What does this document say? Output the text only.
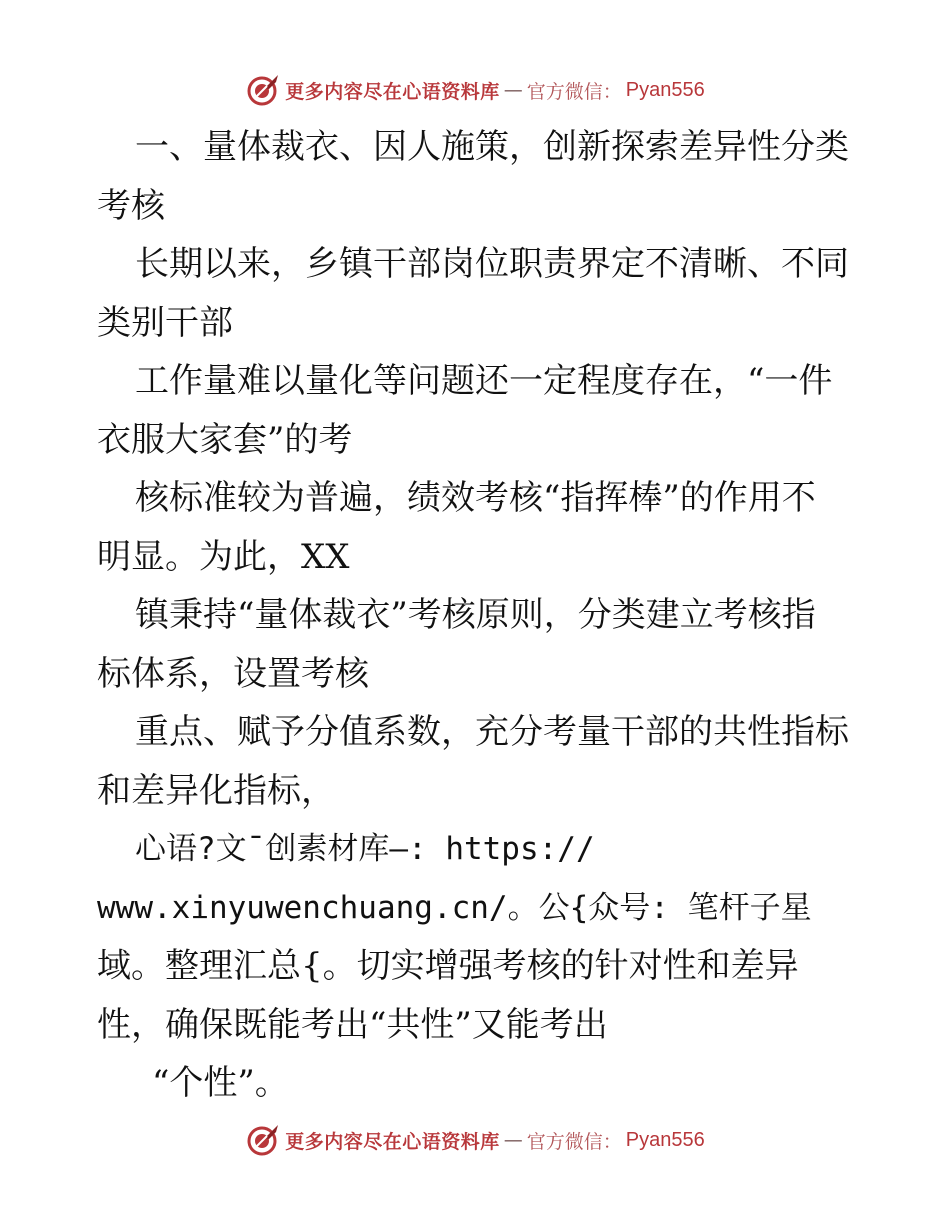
更多内容尽在心语资料库 — 官方微信： Pyan556
一、量体裁衣、因人施策，创新探索差异性分类
考核
长期以来，乡镇干部岗位职责界定不清晰、不同
类别干部
工作量难以量化等问题还一定程度存在，“一件
衣服大家套”的考
核标准较为普遍，绩效考核“指挥棒”的作用不
明显。为此，XX
镇秉持“量体裁衣”考核原则，分类建立考核指
标体系，设置考核
重点、赋予分值系数，充分考量干部的共性指标
和差异化指标，
心语?文¯创素材库—: https://
www.xinyuwenchuang.cn/。公{众号: 笔杆子星
域。整理汇总{。切实增强考核的针对性和差异
性，确保既能考出“共性”又能考出
“个性”。
更多内容尽在心语资料库 — 官方微信： Pyan556
